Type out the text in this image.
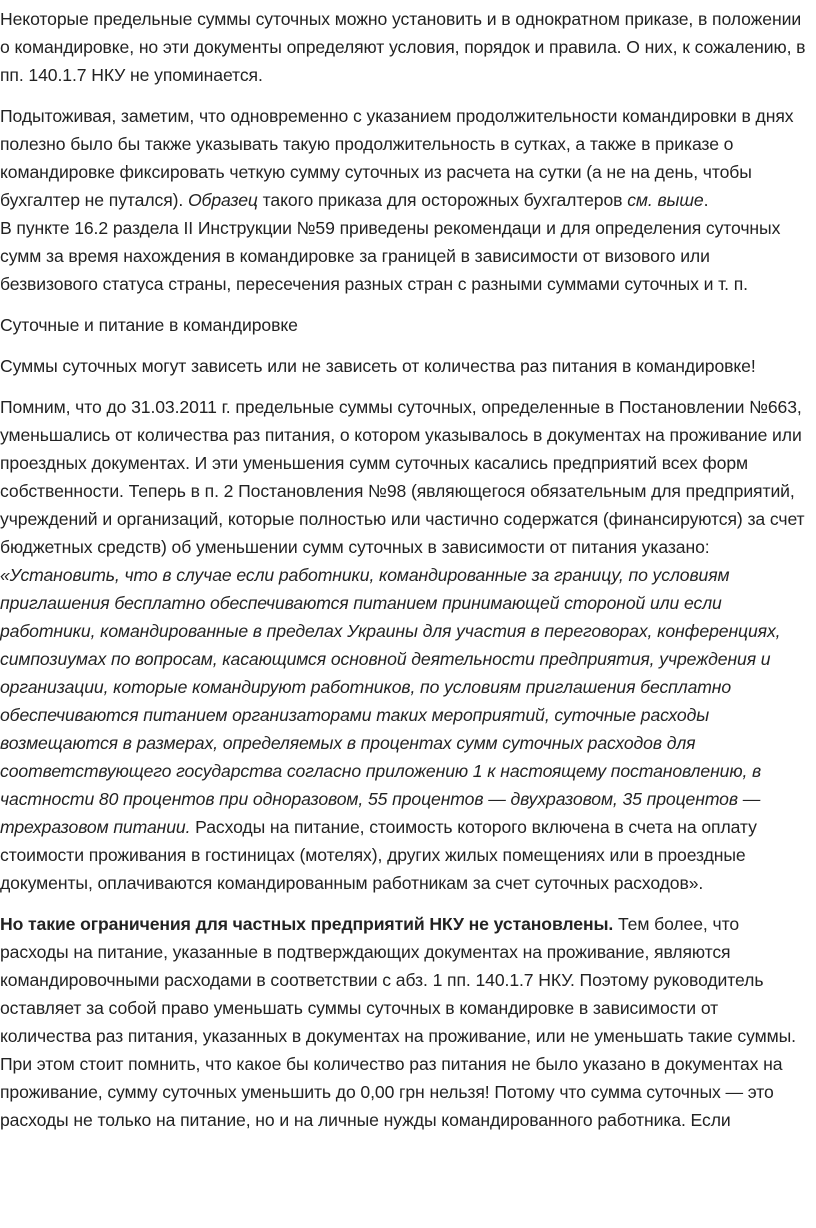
Некоторые предельные суммы суточных можно установить и в однократном приказе, в положении о командировке, но эти документы определяют условия, порядок и правила. О них, к сожалению, в пп. 140.1.7 НКУ не упоминается.

Подытоживая, заметим, что одновременно с указанием продолжительности командировки в днях полезно было бы также указывать такую продолжительность в сутках, а также в приказе о командировке фиксировать четкую сумму суточных из расчета на сутки (а не на день, чтобы бухгалтер не путался). Образец такого приказа для осторожных бухгалтеров см. выше.

В пункте 16.2 раздела II Инструкции №59 приведены рекомендаци и для определения суточных сумм за время нахождения в командировке за границей в зависимости от визового или безвизового статуса страны, пересечения разных стран с разными суммами суточных и т. п.

Суточные и питание в командировке

Суммы суточных могут зависеть или не зависеть от количества раз питания в командировке!

Помним, что до 31.03.2011 г. предельные суммы суточных, определенные в Постановлении №663, уменьшались от количества раз питания, о котором указывалось в документах на проживание или проездных документах. И эти уменьшения сумм суточных касались предприятий всех форм собственности. Теперь в п. 2 Постановления №98 (являющегося обязательным для предприятий, учреждений и организаций, которые полностью или частично содержатся (финансируются) за счет бюджетных средств) об уменьшении сумм суточных в зависимости от питания указано: «Установить, что в случае если работники, командированные за границу, по условиям приглашения бесплатно обеспечиваются питанием принимающей стороной или если работники, командированные в пределах Украины для участия в переговорах, конференциях, симпозиумах по вопросам, касающимся основной деятельности предприятия, учреждения и организации, которые командируют работников, по условиям приглашения бесплатно обеспечиваются питанием организаторами таких мероприятий, суточные расходы возмещаются в размерах, определяемых в процентах сумм суточных расходов для соответствующего государства согласно приложению 1 к настоящему постановлению, в частности 80 процентов при одноразовом, 55 процентов — двухразовом, 35 процентов — трехразовом питании. Расходы на питание, стоимость которого включена в счета на оплату стоимости проживания в гостиницах (мотелях), других жилых помещениях или в проездные документы, оплачиваются командированным работникам за счет суточных расходов».

Но такие ограничения для частных предприятий НКУ не установлены. Тем более, что расходы на питание, указанные в подтверждающих документах на проживание, являются командировочными расходами в соответствии с абз. 1 пп. 140.1.7 НКУ. Поэтому руководитель оставляет за собой право уменьшать суммы суточных в командировке в зависимости от количества раз питания, указанных в документах на проживание, или не уменьшать такие суммы.

При этом стоит помнить, что какое бы количество раз питания не было указано в документах на проживание, сумму суточных уменьшить до 0,00 грн нельзя! Потому что сумма суточных — это расходы не только на питание, но и на личные нужды командированного работника. Если
